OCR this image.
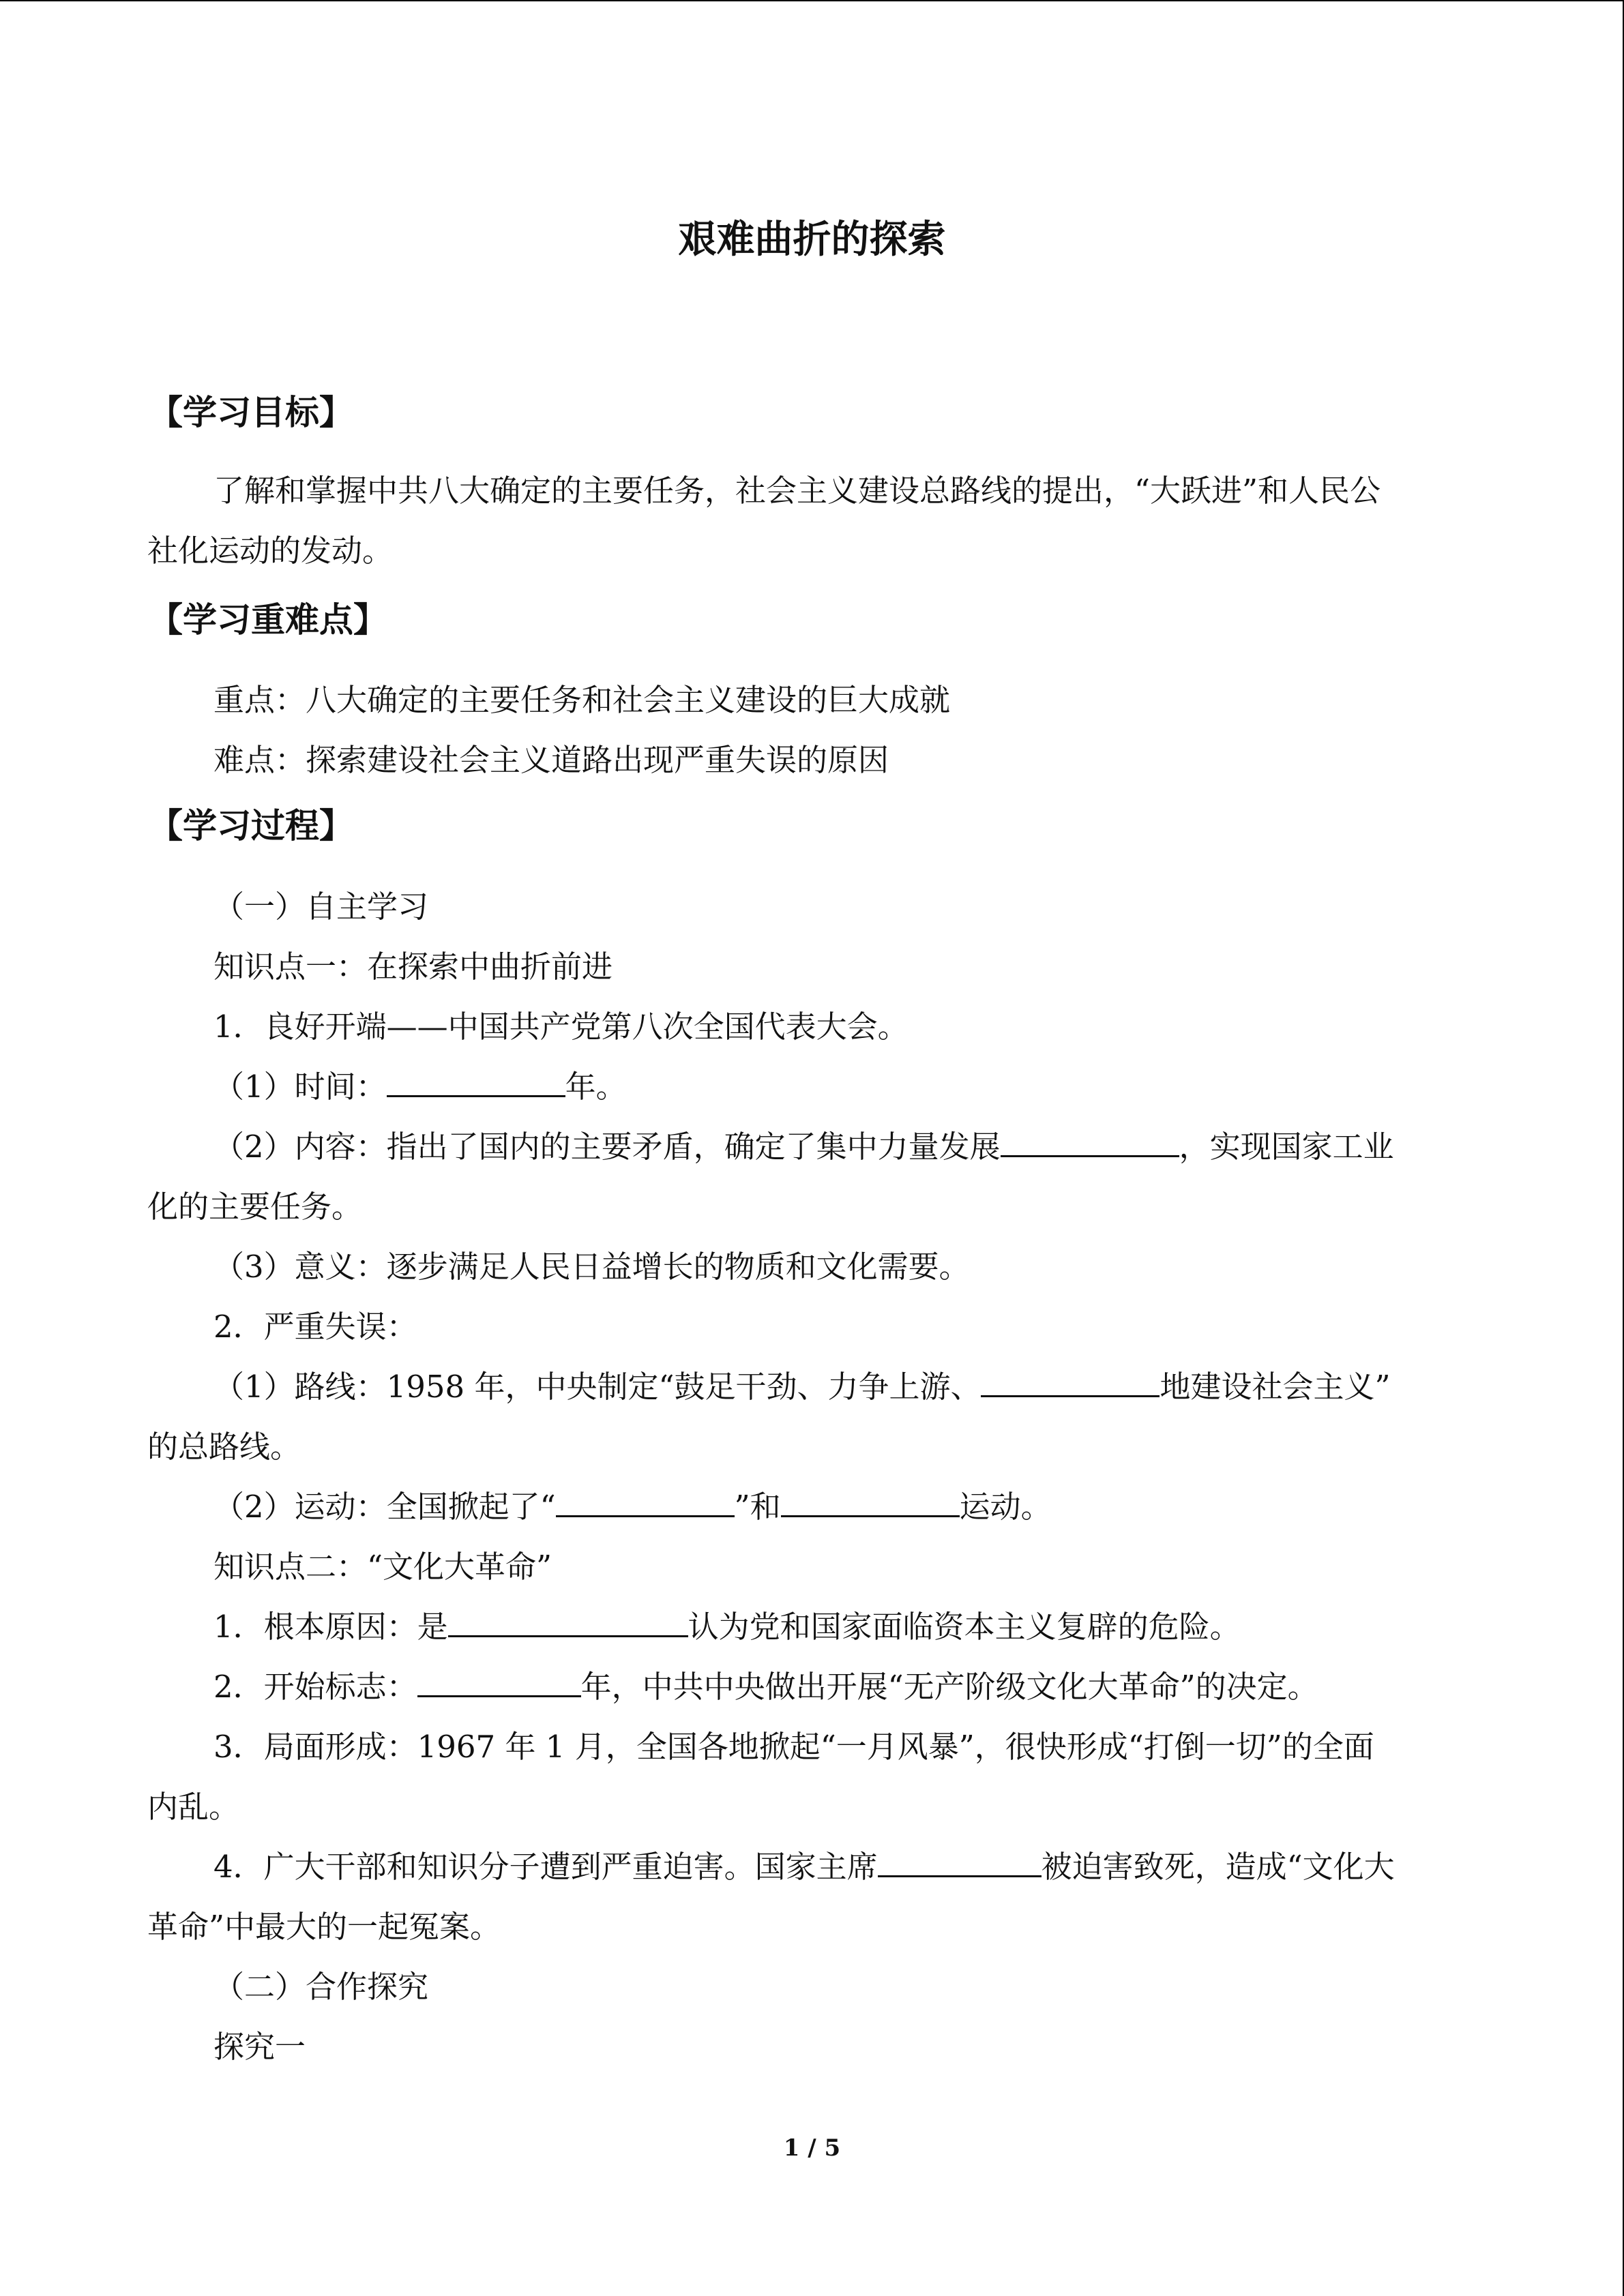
艰难曲折的探索
【学习目标】

了解和掌握中共八大确定的主要任务，社会主义建设总路线的提出，“大跃进”和人民公

社化运动的发动。

【学习重难点】

重点：八大确定的主要任务和社会主义建设的巨大成就

难点：探索建设社会主义道路出现严重失误的原因

【学习过程】

（一）自主学习

知识点一：在探索中曲折前进

1．良好开端——中国共产党第八次全国代表大会。

（1）时间：	年。

（2）内容：指出了国内的主要矛盾，确定了集中力量发展	，实现国家工业

化的主要任务。

（3）意义：逐步满足人民日益增长的物质和文化需要。

2．严重失误：

（1）路线：1958 年，中央制定“鼓足干劲、力争上游、	地建设社会主义”

的总路线。

（2）运动：全国掀起了“	”和	运动。

知识点二：“文化大革命”

1．根本原因：是	认为党和国家面临资本主义复辟的危险。

2．开始标志：	年，中共中央做出开展“无产阶级文化大革命”的决定。

3．局面形成：1967 年 1 月，全国各地掀起“一月风暴”，很快形成“打倒一切”的全面

内乱。

4．广大干部和知识分子遭到严重迫害。国家主席	被迫害致死，造成“文化大

革命”中最大的一起冤案。

（二）合作探究

探究一

1 / 5
